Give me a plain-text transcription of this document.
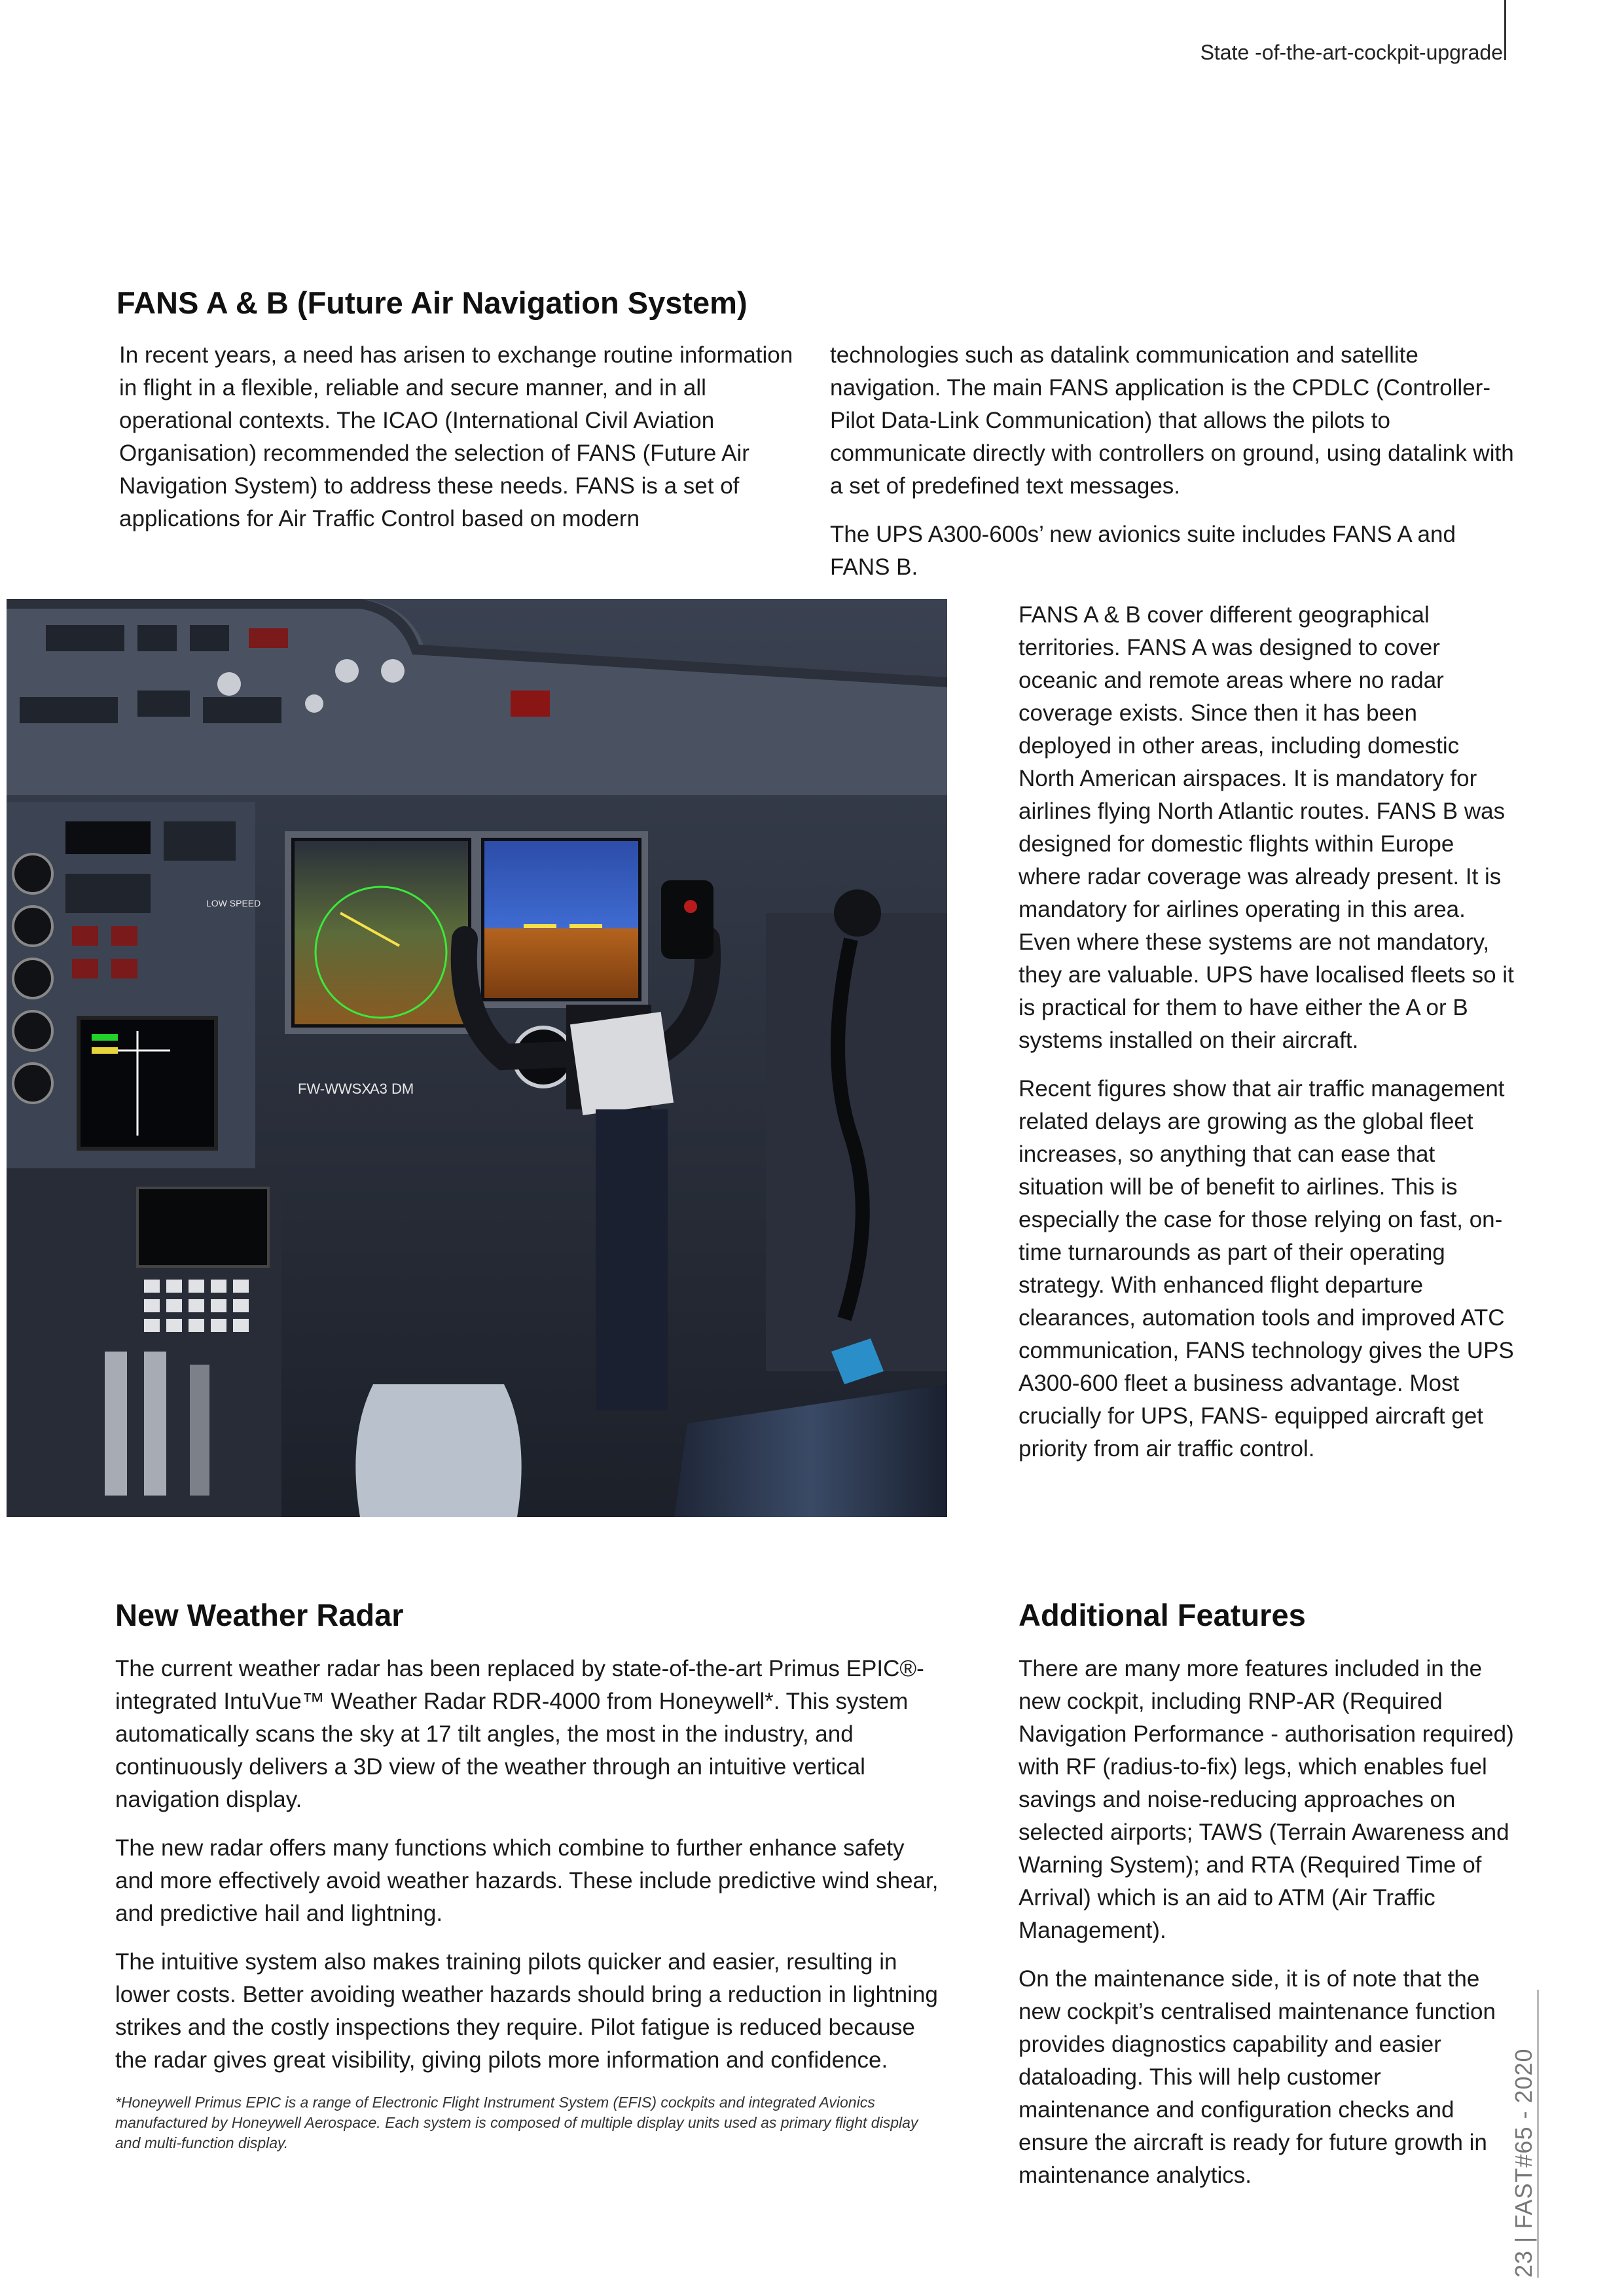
State -of-the-art-cockpit-upgrade
FANS A & B (Future Air Navigation System)

In recent years, a need has arisen to exchange routine information in flight in a flexible, reliable and secure manner, and in all operational contexts. The ICAO (International Civil Aviation Organisation) recommended the selection of FANS (Future Air Navigation System) to address these needs. FANS is a set of applications for Air Traffic Control based on modern

technologies such as datalink communication and satellite navigation. The main FANS application is the CPDLC (Controller-Pilot Data-Link Communication) that allows the pilots to communicate directly with controllers on ground, using datalink with a set of predefined text messages.

The UPS A300-600s’ new avionics suite includes FANS A and FANS B.

FW-WWSX
A3 DM
LOW SPEED

FANS A & B cover different geographical territories. FANS A was designed to cover oceanic and remote areas where no radar coverage exists. Since then it has been deployed in other areas, including domestic North American airspaces. It is mandatory for airlines flying North Atlantic routes. FANS B was designed for domestic flights within Europe where radar coverage was already present. It is mandatory for airlines operating in this area. Even where these systems are not mandatory, they are valuable. UPS have localised fleets so it is practical for them to have either the A or B systems installed on their aircraft.

Recent figures show that air traffic management related delays are growing as the global fleet increases, so anything that can ease that situation will be of benefit to airlines. This is especially the case for those relying on fast, on-time turnarounds as part of their operating strategy. With enhanced flight departure clearances, automation tools and improved ATC communication, FANS technology gives the UPS A300-600 fleet a business advantage. Most crucially for UPS, FANS- equipped aircraft get priority from air traffic control.

New Weather Radar

The current weather radar has been replaced by state-of-the-art Primus EPIC®-integrated IntuVue™ Weather Radar RDR-4000 from Honeywell*. This system automatically scans the sky at 17 tilt angles, the most in the industry, and continuously delivers a 3D view of the weather through an intuitive vertical navigation display.

The new radar offers many functions which combine to further enhance safety and more effectively avoid weather hazards. These include predictive wind shear, and predictive hail and lightning.

The intuitive system also makes training pilots quicker and easier, resulting in lower costs. Better avoiding weather hazards should bring a reduction in lightning strikes and the costly inspections they require. Pilot fatigue is reduced because the radar gives great visibility, giving pilots more information and confidence.

*Honeywell Primus EPIC is a range of Electronic Flight Instrument System (EFIS) cockpits and integrated Avionics manufactured by Honeywell Aerospace. Each system is composed of multiple display units used as primary flight display and multi-function display.

Additional Features

There are many more features included in the new cockpit, including RNP-AR (Required Navigation Performance - authorisation required) with RF (radius-to-fix) legs, which enables fuel savings and noise-reducing approaches on selected airports; TAWS (Terrain Awareness and Warning System); and RTA (Required Time of Arrival) which is an aid to ATM (Air Traffic Management).

On the maintenance side, it is of note that the new cockpit’s centralised maintenance function provides diagnostics capability and easier dataloading. This will help customer maintenance and configuration checks and ensure the aircraft is ready for future growth in maintenance analytics.	23 | FAST#65 - 2020
